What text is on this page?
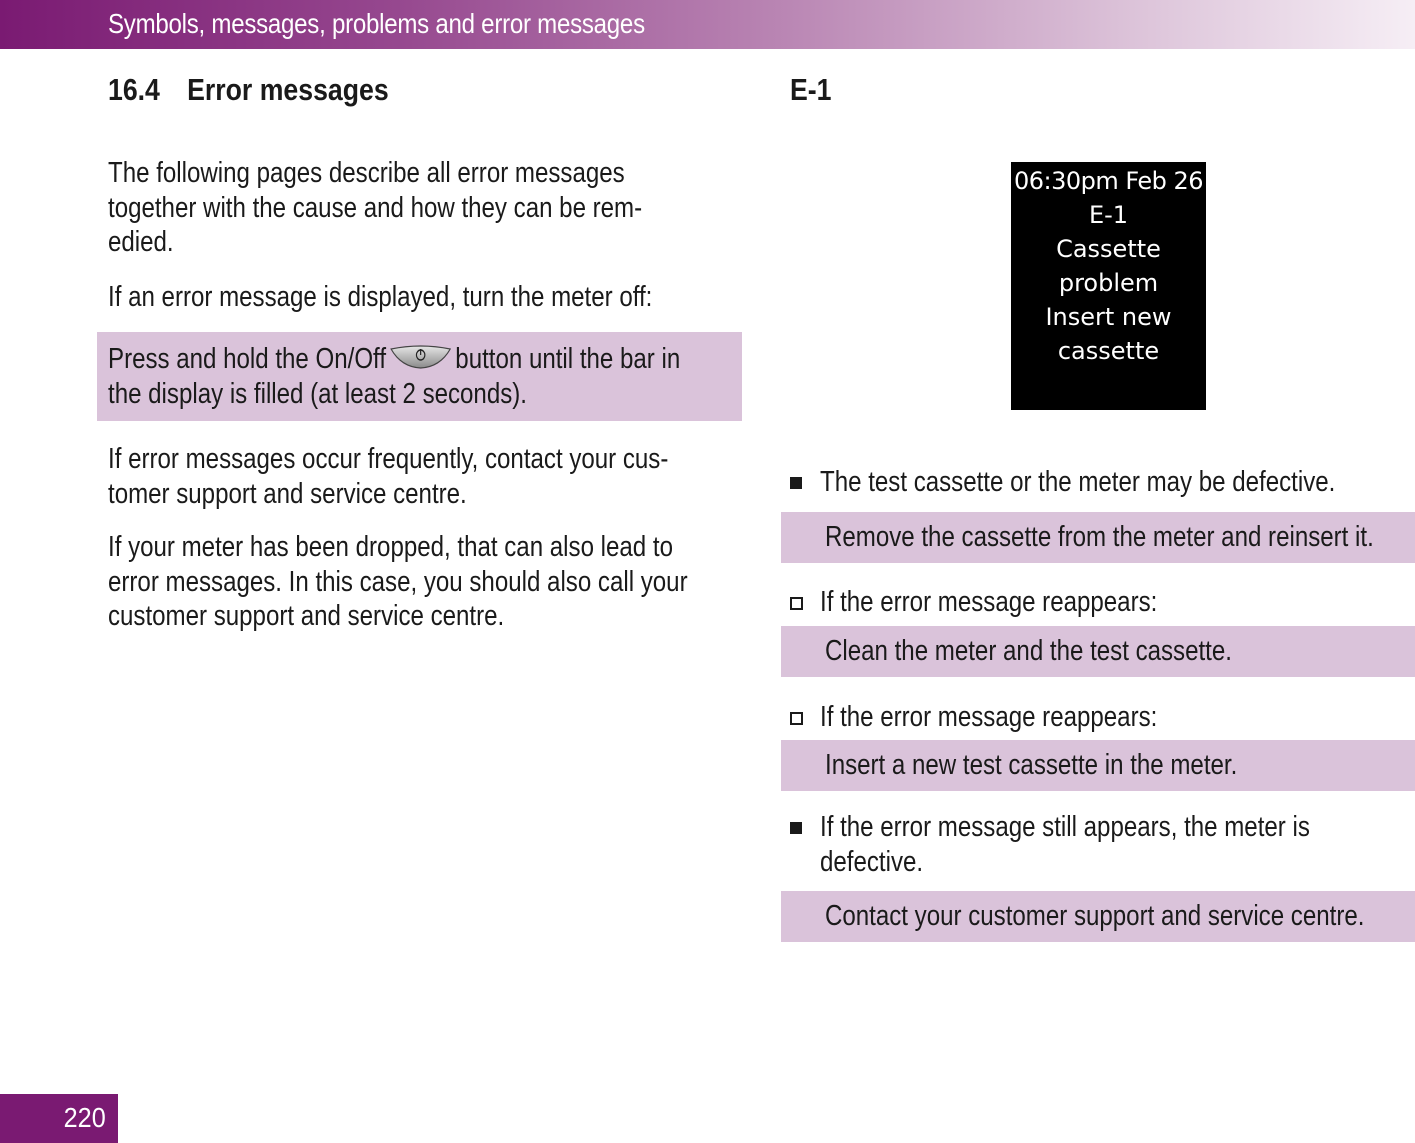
Symbols, messages, problems and error messages
16.4 Error messages
The following pages describe all error messages
together with the cause and how they can be rem-
edied.
If an error message is displayed, turn the meter off:
Press and hold the On/Off button until the bar in
the display is filled (at least 2 seconds).
If error messages occur frequently, contact your cus-
tomer support and service centre.
If your meter has been dropped, that can also lead to
error messages. In this case, you should also call your
customer support and service centre.
E-1
06:30pm Feb 26
E-1
Cassette
problem
Insert new
cassette
The test cassette or the meter may be defective.
Remove the cassette from the meter and reinsert it.
If the error message reappears:
Clean the meter and the test cassette.
If the error message reappears:
Insert a new test cassette in the meter.
If the error message still appears, the meter is
defective.
Contact your customer support and service centre.
220
